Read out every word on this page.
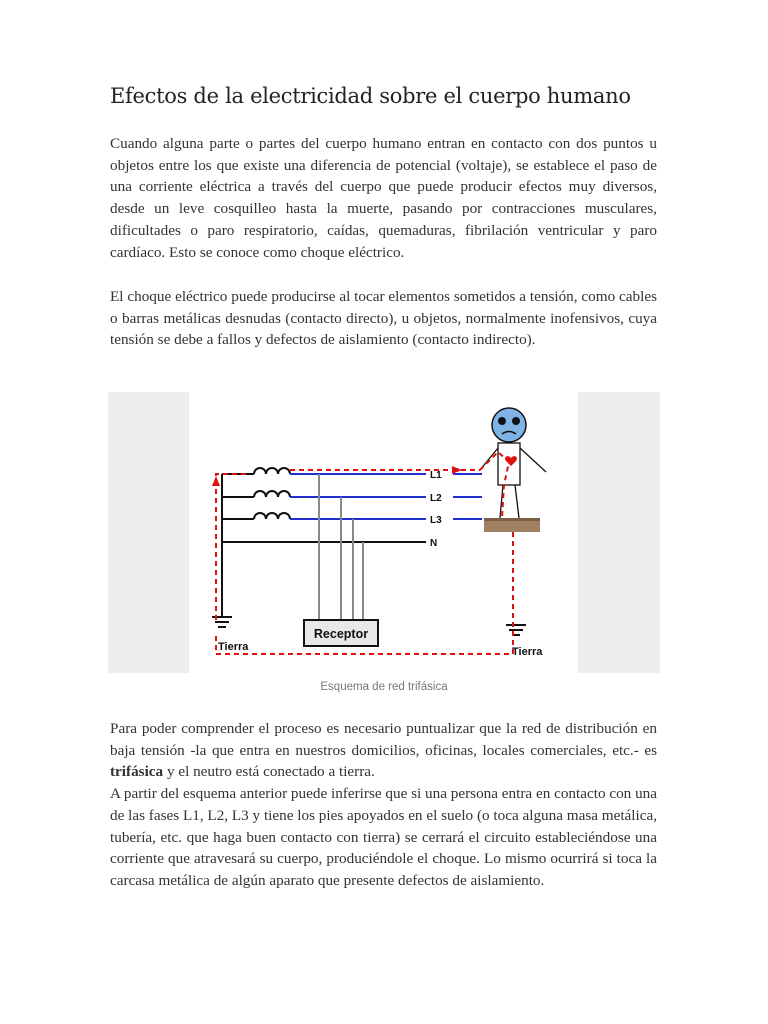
Efectos de la electricidad sobre el cuerpo humano

Cuando alguna parte o partes del cuerpo humano entran en contacto con dos puntos u objetos entre los que existe una diferencia de potencial (voltaje), se establece el paso de una corriente eléctrica a través del cuerpo que puede producir efectos muy diversos, desde un leve cosquilleo hasta la muerte, pasando por contracciones musculares, dificultades o paro respiratorio, caídas, quemaduras, fibrilación ventricular y paro cardíaco. Esto se conoce como choque eléctrico.

El choque eléctrico puede producirse al tocar elementos sometidos a tensión, como cables o barras metálicas desnudas (contacto directo), u objetos, normalmente inofensivos, cuya tensión se debe a fallos y defectos de aislamiento (contacto indirecto).

Receptor
L1
L2
L3
N
Tierra	Tierra
Esquema de red trifásica

Para poder comprender el proceso es necesario puntualizar que la red de distribución en baja tensión -la que entra en nuestros domicilios, oficinas, locales comerciales, etc.- es trifásica y el neutro está conectado a tierra.
A partir del esquema anterior puede inferirse que si una persona entra en contacto con una de las fases L1, L2, L3 y tiene los pies apoyados en el suelo (o toca alguna masa metálica, tubería, etc. que haga buen contacto con tierra) se cerrará el circuito estableciéndose una corriente que atravesará su cuerpo, produciéndole el choque. Lo mismo ocurrirá si toca la carcasa metálica de algún aparato que presente defectos de aislamiento.
